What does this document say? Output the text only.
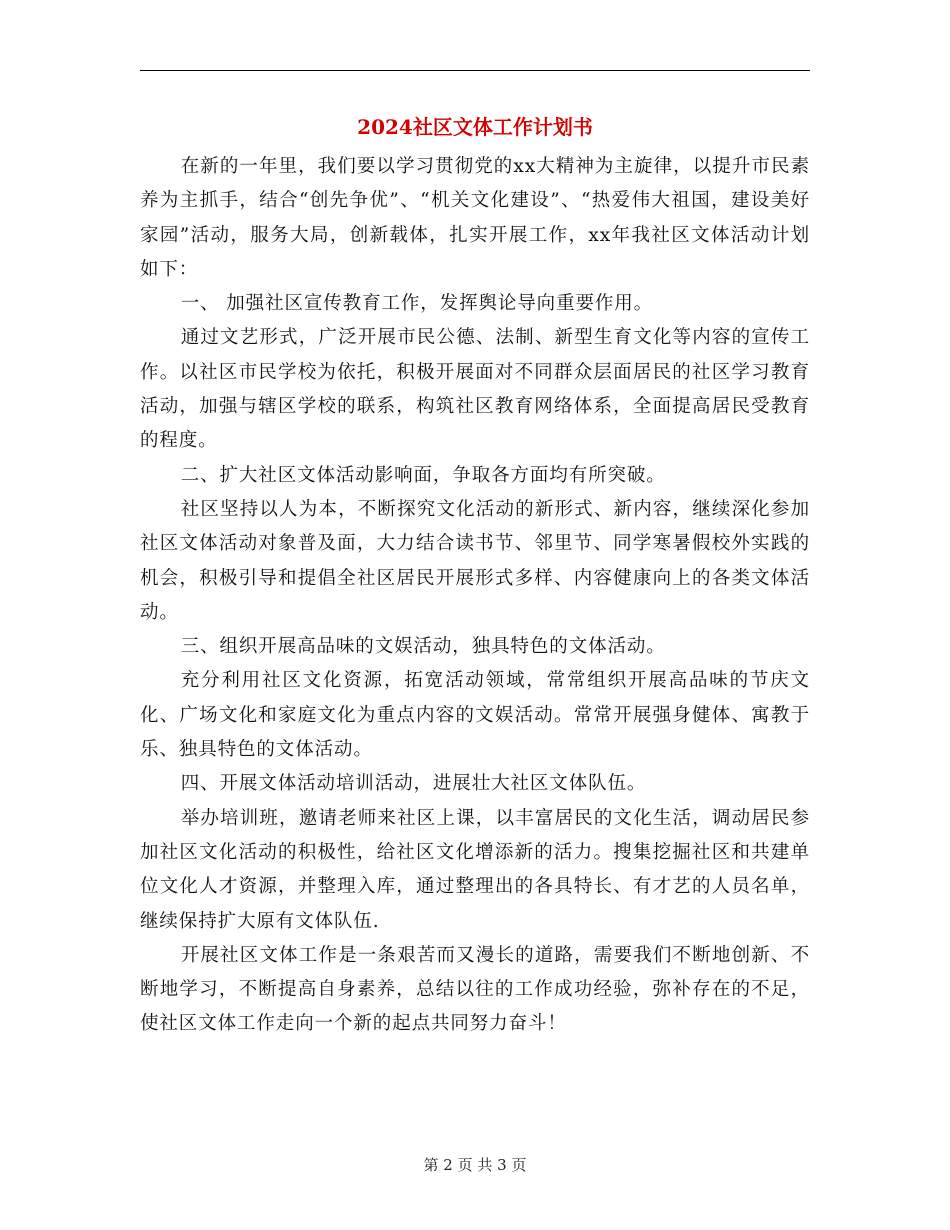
2024社区文体工作计划书

在新的一年里，我们要以学习贯彻党的xx大精神为主旋律，以提升市民素养为主抓手，结合“创先争优”、“机关文化建设”、“热爱伟大祖国，建设美好家园”活动，服务大局，创新载体，扎实开展工作，xx年我社区文体活动计划如下：

一、 加强社区宣传教育工作，发挥舆论导向重要作用。

通过文艺形式，广泛开展市民公德、法制、新型生育文化等内容的宣传工作。以社区市民学校为依托，积极开展面对不同群众层面居民的社区学习教育活动，加强与辖区学校的联系，构筑社区教育网络体系，全面提高居民受教育的程度。

二、扩大社区文体活动影响面，争取各方面均有所突破。

社区坚持以人为本，不断探究文化活动的新形式、新内容，继续深化参加社区文体活动对象普及面，大力结合读书节、邻里节、同学寒暑假校外实践的机会，积极引导和提倡全社区居民开展形式多样、内容健康向上的各类文体活动。

三、组织开展高品味的文娱活动，独具特色的文体活动。

充分利用社区文化资源，拓宽活动领域，常常组织开展高品味的节庆文化、广场文化和家庭文化为重点内容的文娱活动。常常开展强身健体、寓教于乐、独具特色的文体活动。

四、开展文体活动培训活动，进展壮大社区文体队伍。

举办培训班，邀请老师来社区上课，以丰富居民的文化生活，调动居民参加社区文化活动的积极性，给社区文化增添新的活力。搜集挖掘社区和共建单位文化人才资源，并整理入库，通过整理出的各具特长、有才艺的人员名单，继续保持扩大原有文体队伍.

开展社区文体工作是一条艰苦而又漫长的道路，需要我们不断地创新、不断地学习，不断提高自身素养，总结以往的工作成功经验，弥补存在的不足，使社区文体工作走向一个新的起点共同努力奋斗！

第 2 页 共 3 页
